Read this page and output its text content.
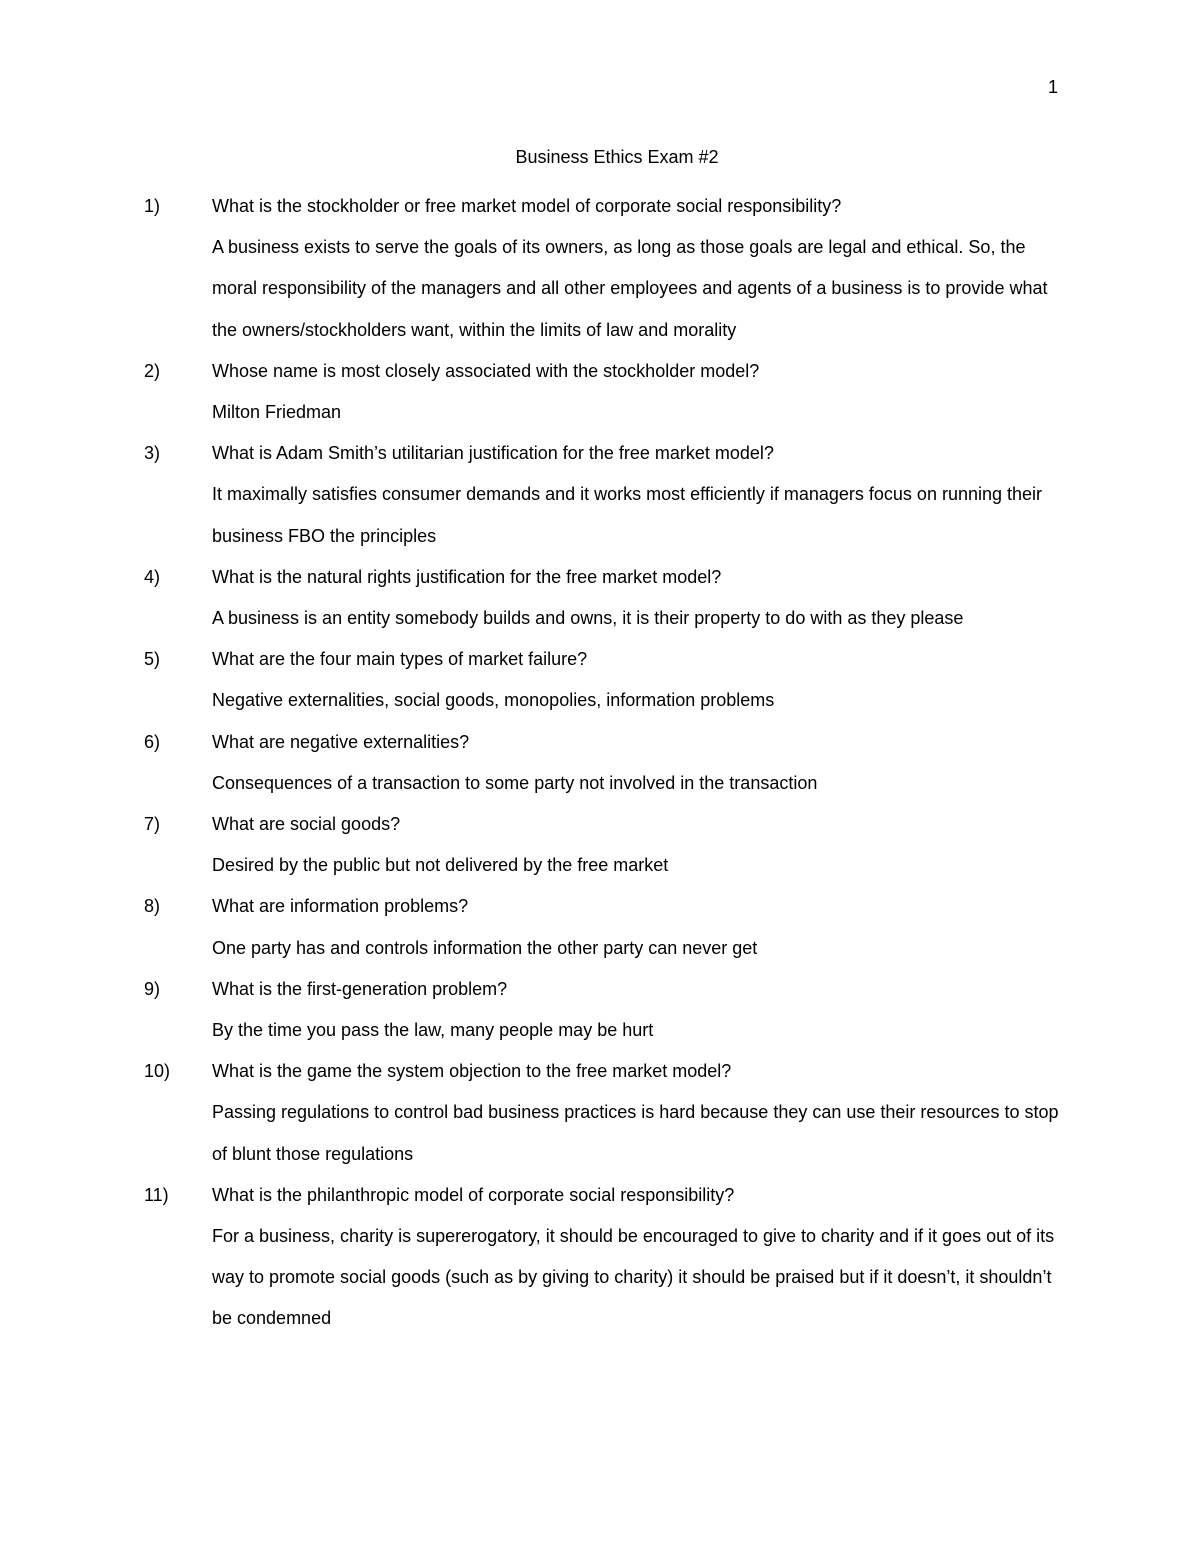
1
Business Ethics Exam #2
1)	What is the stockholder or free market model of corporate social responsibility?

A business exists to serve the goals of its owners, as long as those goals are legal and ethical. So, the moral responsibility of the managers and all other employees and agents of a business is to provide what the owners/stockholders want, within the limits of law and morality

2)	Whose name is most closely associated with the stockholder model?

Milton Friedman

3)	What is Adam Smith’s utilitarian justification for the free market model?

It maximally satisfies consumer demands and it works most efficiently if managers focus on running their business FBO the principles

4)	What is the natural rights justification for the free market model?

A business is an entity somebody builds and owns, it is their property to do with as they please

5)	What are the four main types of market failure?

Negative externalities, social goods, monopolies, information problems

6)	What are negative externalities?

Consequences of a transaction to some party not involved in the transaction

7)	What are social goods?

Desired by the public but not delivered by the free market

8)	What are information problems?

One party has and controls information the other party can never get

9)	What is the first-generation problem?

By the time you pass the law, many people may be hurt

10)	What is the game the system objection to the free market model?

Passing regulations to control bad business practices is hard because they can use their resources to stop of blunt those regulations

11)	What is the philanthropic model of corporate social responsibility?

For a business, charity is supererogatory, it should be encouraged to give to charity and if it goes out of its way to promote social goods (such as by giving to charity) it should be praised but if it doesn’t, it shouldn’t be condemned
